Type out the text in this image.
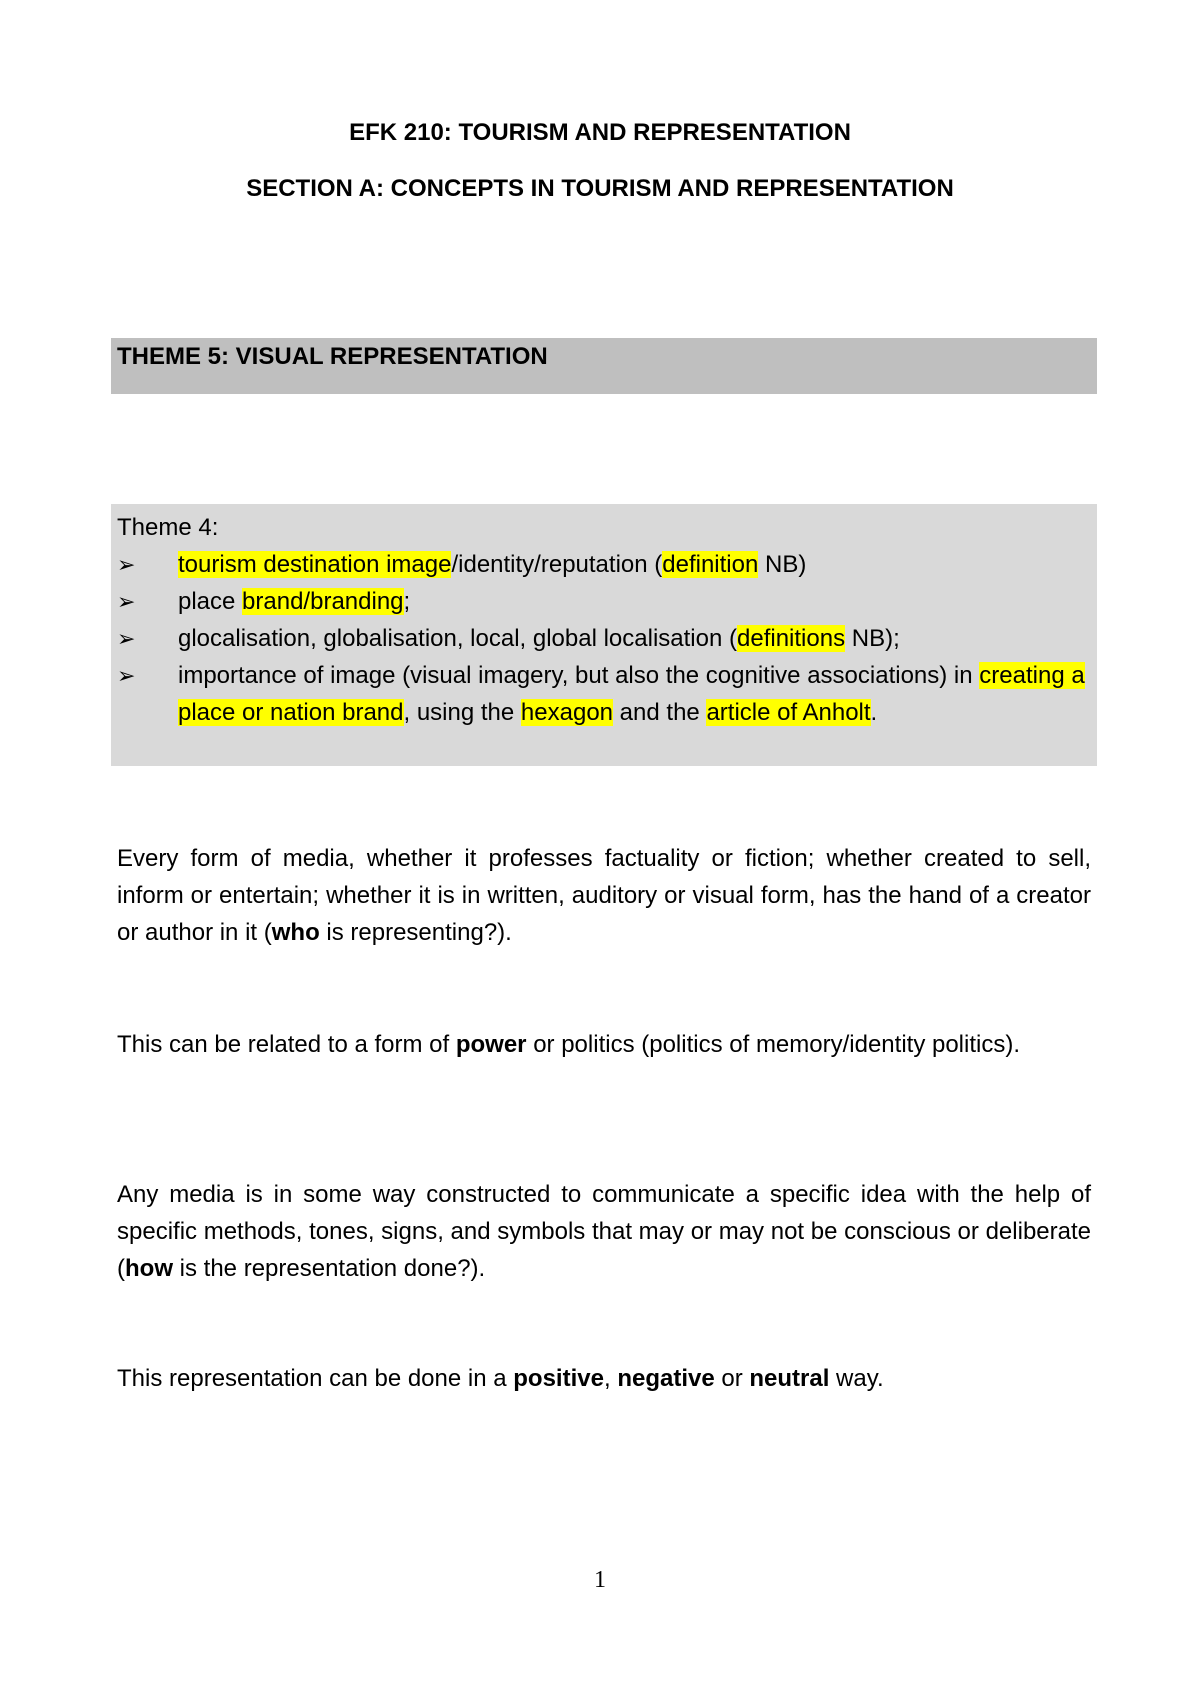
EFK 210: TOURISM AND REPRESENTATION
SECTION A: CONCEPTS IN TOURISM AND REPRESENTATION
THEME 5: VISUAL REPRESENTATION
Theme 4:
➢	tourism destination image/identity/reputation (definition NB)
➢	place brand/branding;
➢	glocalisation, globalisation, local, global localisation (definitions NB);
➢	importance of image (visual imagery, but also the cognitive associations) in creating a place or nation brand, using the hexagon and the article of Anholt.

Every form of media, whether it professes factuality or fiction; whether created to sell, inform or entertain; whether it is in written, auditory or visual form, has the hand of a creator or author in it (who is representing?).

This can be related to a form of power or politics (politics of memory/identity politics).

Any media is in some way constructed to communicate a specific idea with the help of specific methods, tones, signs, and symbols that may or may not be conscious or deliberate (how is the representation done?).

This representation can be done in a positive, negative or neutral way.

1
